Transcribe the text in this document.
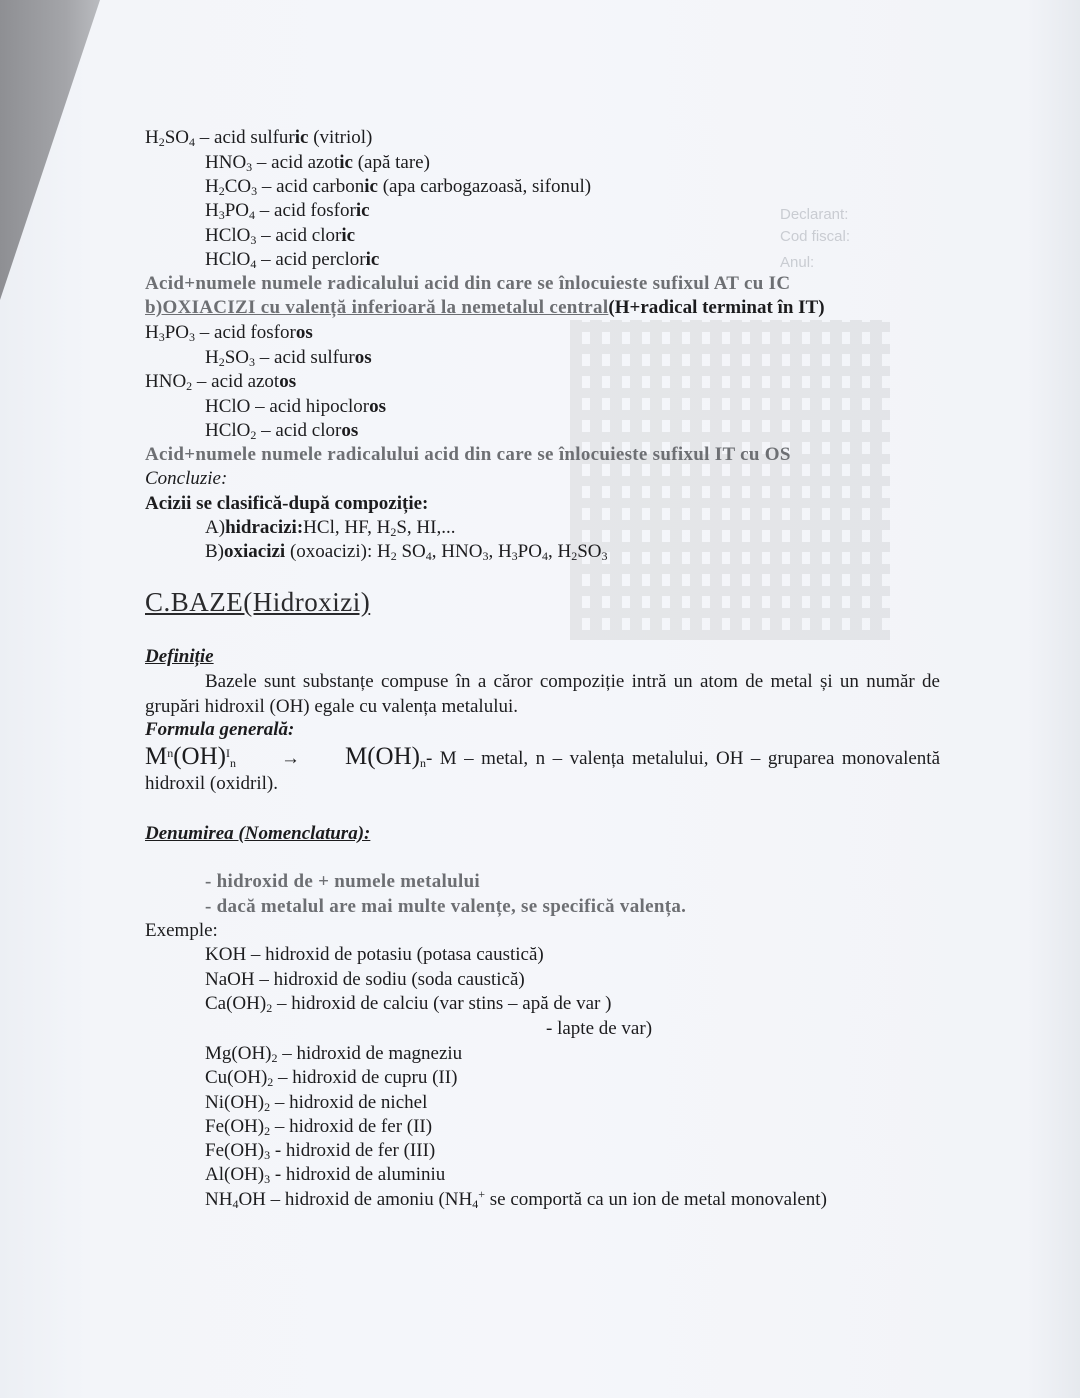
Declarant:
Cod fiscal:
Anul:
$H_2SO_4$ – acid sulfuric (vitriol)
$HNO_3$ – acid azotic (apă tare)
$H_2CO_3$ – acid carbonic (apa carbogazoasă, sifonul)
$H_3PO_4$ – acid fosforic
HClO$_3$ – acid cloric
HClO$_4$ – acid percloric
Acid+numele numele radicalului acid din care se înlocuieste sufixul AT cu IC
b)OXIACIZI cu valență inferioară la nemetalul central(H+radical terminat în IT)
$H_3PO_3$ – acid fosforos
$H_2SO_3$ – acid sulfuros
$HNO_2$ – acid azotos
HClO – acid hipocloros
HClO$_2$ – acid cloros
Acid+numele numele radicalului acid din care se înlocuieste sufixul IT cu OS
Concluzie:
Acizii se clasifică-după compoziție:
A)hidracizi:HCl, HF, $H_2S$, HI,...
B)oxiacizi (oxoacizi): $H_2$ $SO_4$, $HNO_3$, $H_3PO_4$, $H_2SO_3$
C.BAZE(Hidroxizi)
Definiție
Bazele sunt substanțe compuse în a căror compoziție intră un atom de metal și un număr de grupări hidroxil (OH) egale cu valența metalului.
Formula generală:
$M^n(OH)^I_n$      →      $M(OH)_n-$ M – metal, n – valența metalului, OH – gruparea monovalentă hidroxil (oxidril).
Denumirea (Nomenclatura):
- hidroxid de + numele metalului
- dacă metalul are mai multe valențe, se specifică valența.
Exemple:
KOH – hidroxid de potasiu (potasa caustică)
NaOH – hidroxid de sodiu (soda caustică)
$Ca(OH)_2$ – hidroxid de calciu (var stins – apă de var )
- lapte de var)
$Mg(OH)_2$ – hidroxid de magneziu
$Cu(OH)_2$ – hidroxid de cupru (II)
$Ni(OH)_2$ – hidroxid de nichel
$Fe(OH)_2$ – hidroxid de fer (II)
$Fe(OH)_3$ - hidroxid de fer (III)
$Al(OH)_3$ - hidroxid de aluminiu
$NH_4OH$ – hidroxid de amoniu ($NH_4^+$ se comportă ca un ion de metal monovalent)
